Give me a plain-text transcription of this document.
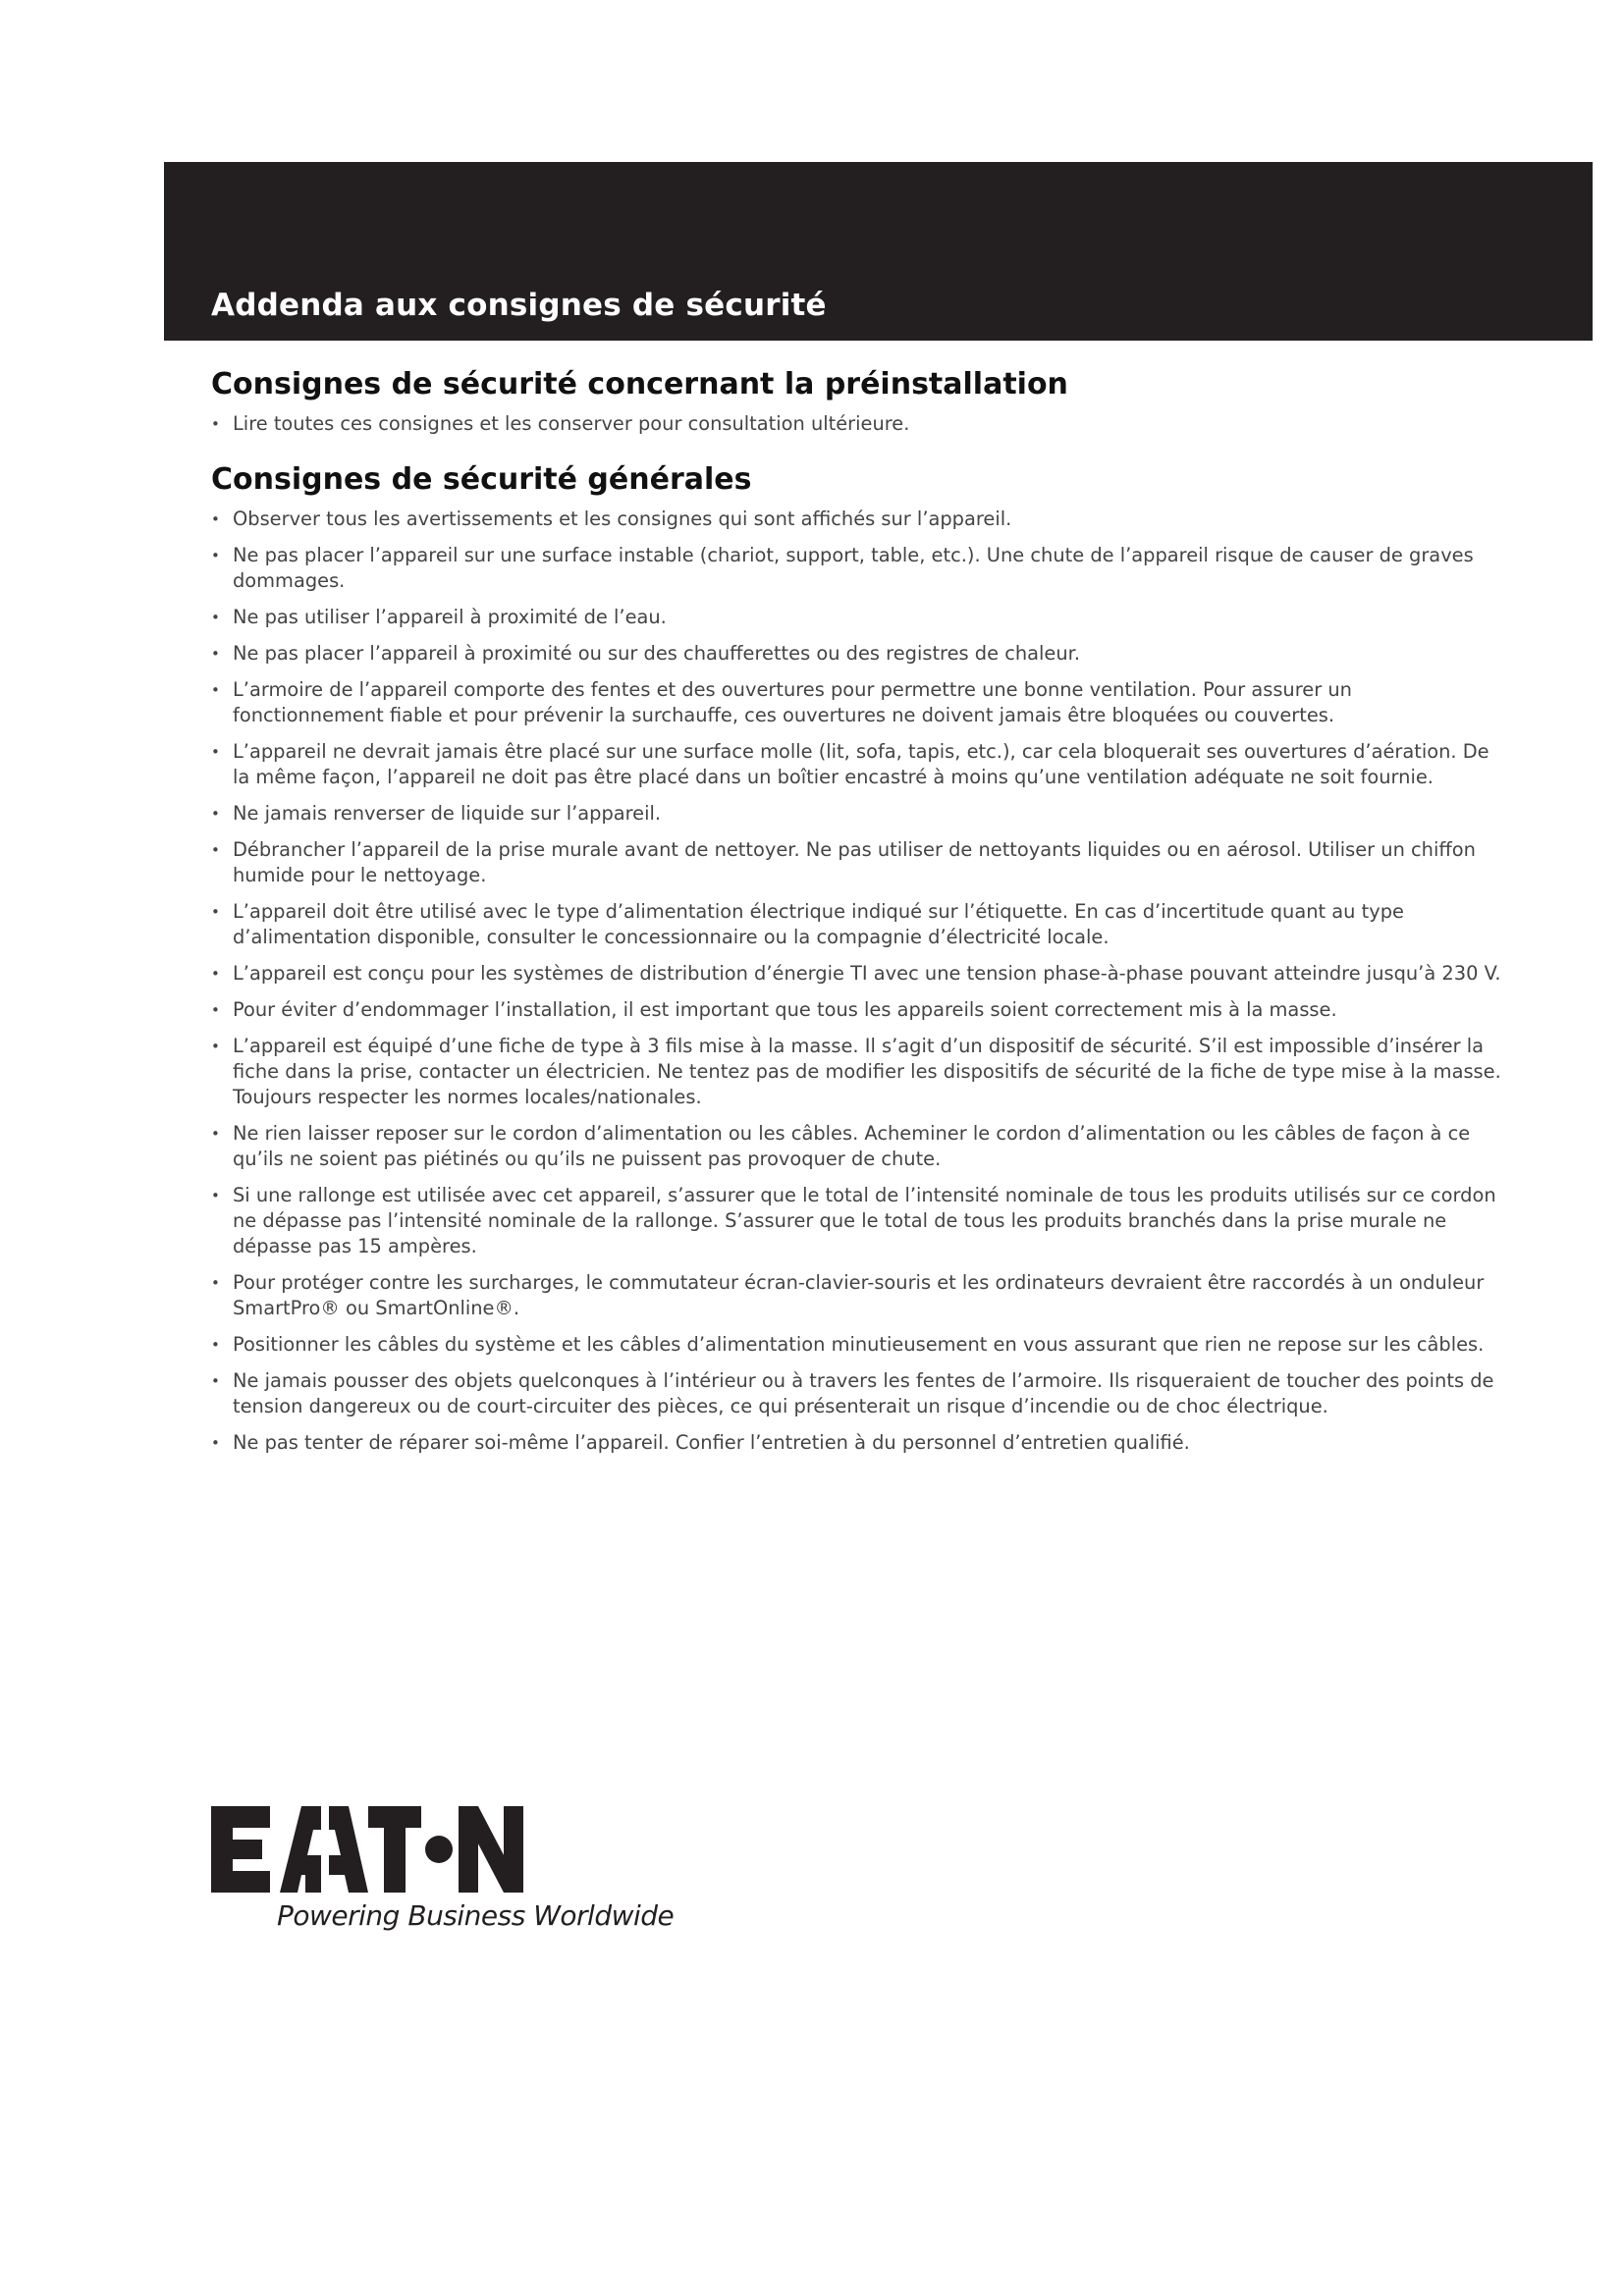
Addenda aux consignes de sécurité
Consignes de sécurité concernant la préinstallation
• Lire toutes ces consignes et les conserver pour consultation ultérieure.
Consignes de sécurité générales
• Observer tous les avertissements et les consignes qui sont affichés sur l’appareil.
• Ne pas placer l’appareil sur une surface instable (chariot, support, table, etc.). Une chute de l’appareil risque de causer de graves dommages.
• Ne pas utiliser l’appareil à proximité de l’eau.
• Ne pas placer l’appareil à proximité ou sur des chaufferettes ou des registres de chaleur.
• L’armoire de l’appareil comporte des fentes et des ouvertures pour permettre une bonne ventilation. Pour assurer un fonctionnement fiable et pour prévenir la surchauffe, ces ouvertures ne doivent jamais être bloquées ou couvertes.
• L’appareil ne devrait jamais être placé sur une surface molle (lit, sofa, tapis, etc.), car cela bloquerait ses ouvertures d’aération. De la même façon, l’appareil ne doit pas être placé dans un boîtier encastré à moins qu’une ventilation adéquate ne soit fournie.
• Ne jamais renverser de liquide sur l’appareil.
• Débrancher l’appareil de la prise murale avant de nettoyer. Ne pas utiliser de nettoyants liquides ou en aérosol. Utiliser un chiffon humide pour le nettoyage.
• L’appareil doit être utilisé avec le type d’alimentation électrique indiqué sur l’étiquette. En cas d’incertitude quant au type d’alimentation disponible, consulter le concessionnaire ou la compagnie d’électricité locale.
• L’appareil est conçu pour les systèmes de distribution d’énergie TI avec une tension phase-à-phase pouvant atteindre jusqu’à 230 V.
• Pour éviter d’endommager l’installation, il est important que tous les appareils soient correctement mis à la masse.
• L’appareil est équipé d’une fiche de type à 3 fils mise à la masse. Il s’agit d’un dispositif de sécurité. S’il est impossible d’insérer la fiche dans la prise, contacter un électricien. Ne tentez pas de modifier les dispositifs de sécurité de la fiche de type mise à la masse. Toujours respecter les normes locales/nationales.
• Ne rien laisser reposer sur le cordon d’alimentation ou les câbles. Acheminer le cordon d’alimentation ou les câbles de façon à ce qu’ils ne soient pas piétinés ou qu’ils ne puissent pas provoquer de chute.
• Si une rallonge est utilisée avec cet appareil, s’assurer que le total de l’intensité nominale de tous les produits utilisés sur ce cordon ne dépasse pas l’intensité nominale de la rallonge. S’assurer que le total de tous les produits branchés dans la prise murale ne dépasse pas 15 ampères.
• Pour protéger contre les surcharges, le commutateur écran-clavier-souris et les ordinateurs devraient être raccordés à un onduleur SmartPro® ou SmartOnline®.
• Positionner les câbles du système et les câbles d’alimentation minutieusement en vous assurant que rien ne repose sur les câbles.
• Ne jamais pousser des objets quelconques à l’intérieur ou à travers les fentes de l’armoire. Ils risqueraient de toucher des points de tension dangereux ou de court-circuiter des pièces, ce qui présenterait un risque d’incendie ou de choc électrique.
• Ne pas tenter de réparer soi-même l’appareil. Confier l’entretien à du personnel d’entretien qualifié.
Powering Business Worldwide
